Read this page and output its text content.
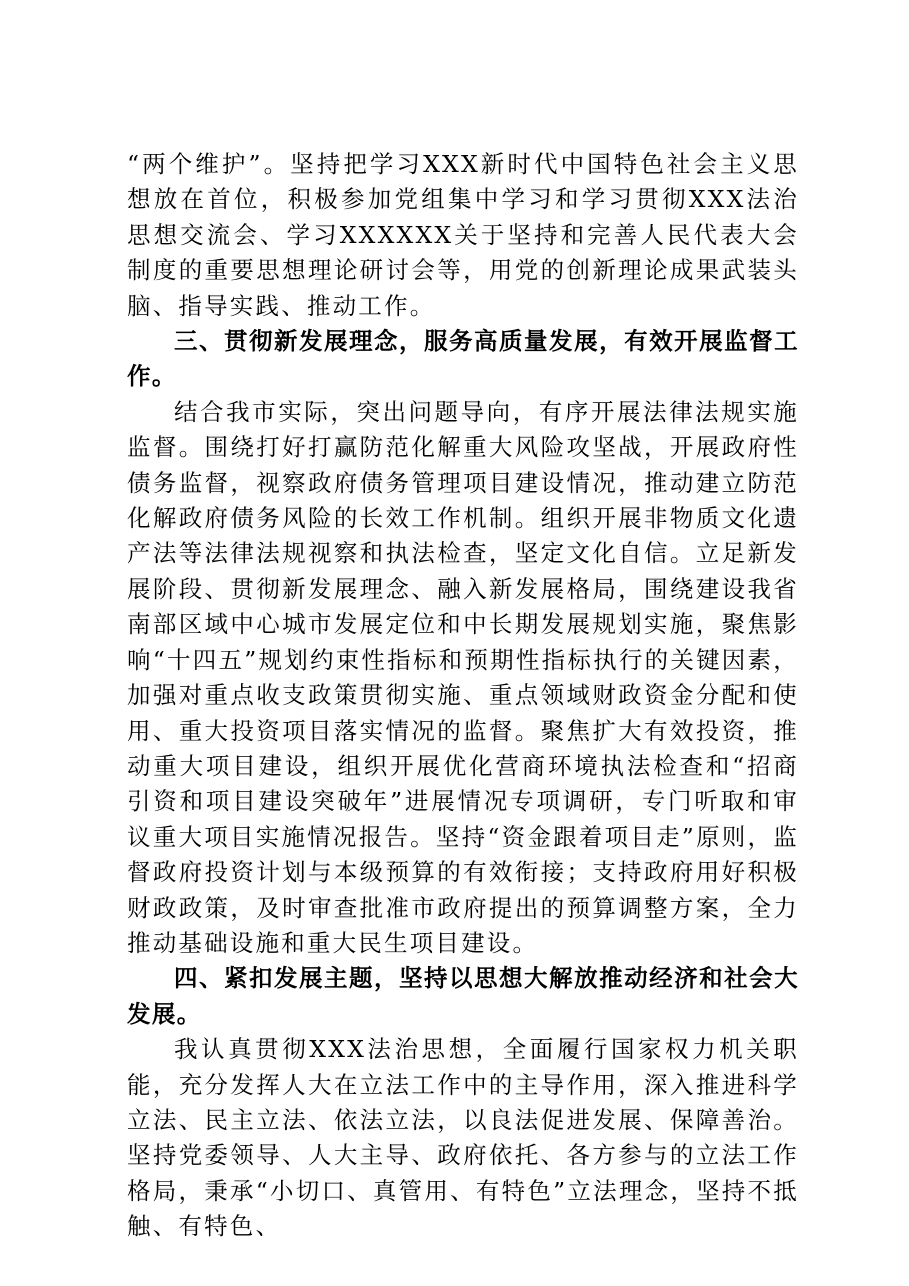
“两个维护”。坚持把学习XXX新时代中国特色社会主义思想放在首位，积极参加党组集中学习和学习贯彻XXX法治思想交流会、学习XXXXXX关于坚持和完善人民代表大会制度的重要思想理论研讨会等，用党的创新理论成果武装头脑、指导实践、推动工作。

三、贯彻新发展理念，服务高质量发展，有效开展监督工作。

结合我市实际，突出问题导向，有序开展法律法规实施监督。围绕打好打赢防范化解重大风险攻坚战，开展政府性债务监督，视察政府债务管理项目建设情况，推动建立防范化解政府债务风险的长效工作机制。组织开展非物质文化遗产法等法律法规视察和执法检查，坚定文化自信。立足新发展阶段、贯彻新发展理念、融入新发展格局，围绕建设我省南部区域中心城市发展定位和中长期发展规划实施，聚焦影响“十四五”规划约束性指标和预期性指标执行的关键因素，加强对重点收支政策贯彻实施、重点领域财政资金分配和使用、重大投资项目落实情况的监督。聚焦扩大有效投资，推动重大项目建设，组织开展优化营商环境执法检查和“招商引资和项目建设突破年”进展情况专项调研，专门听取和审议重大项目实施情况报告。坚持“资金跟着项目走”原则，监督政府投资计划与本级预算的有效衔接；支持政府用好积极财政政策，及时审查批准市政府提出的预算调整方案，全力推动基础设施和重大民生项目建设。

四、紧扣发展主题，坚持以思想大解放推动经济和社会大发展。

我认真贯彻XXX法治思想，全面履行国家权力机关职能，充分发挥人大在立法工作中的主导作用，深入推进科学立法、民主立法、依法立法，以良法促进发展、保障善治。坚持党委领导、人大主导、政府依托、各方参与的立法工作格局，秉承“小切口、真管用、有特色”立法理念，坚持不抵触、有特色、
